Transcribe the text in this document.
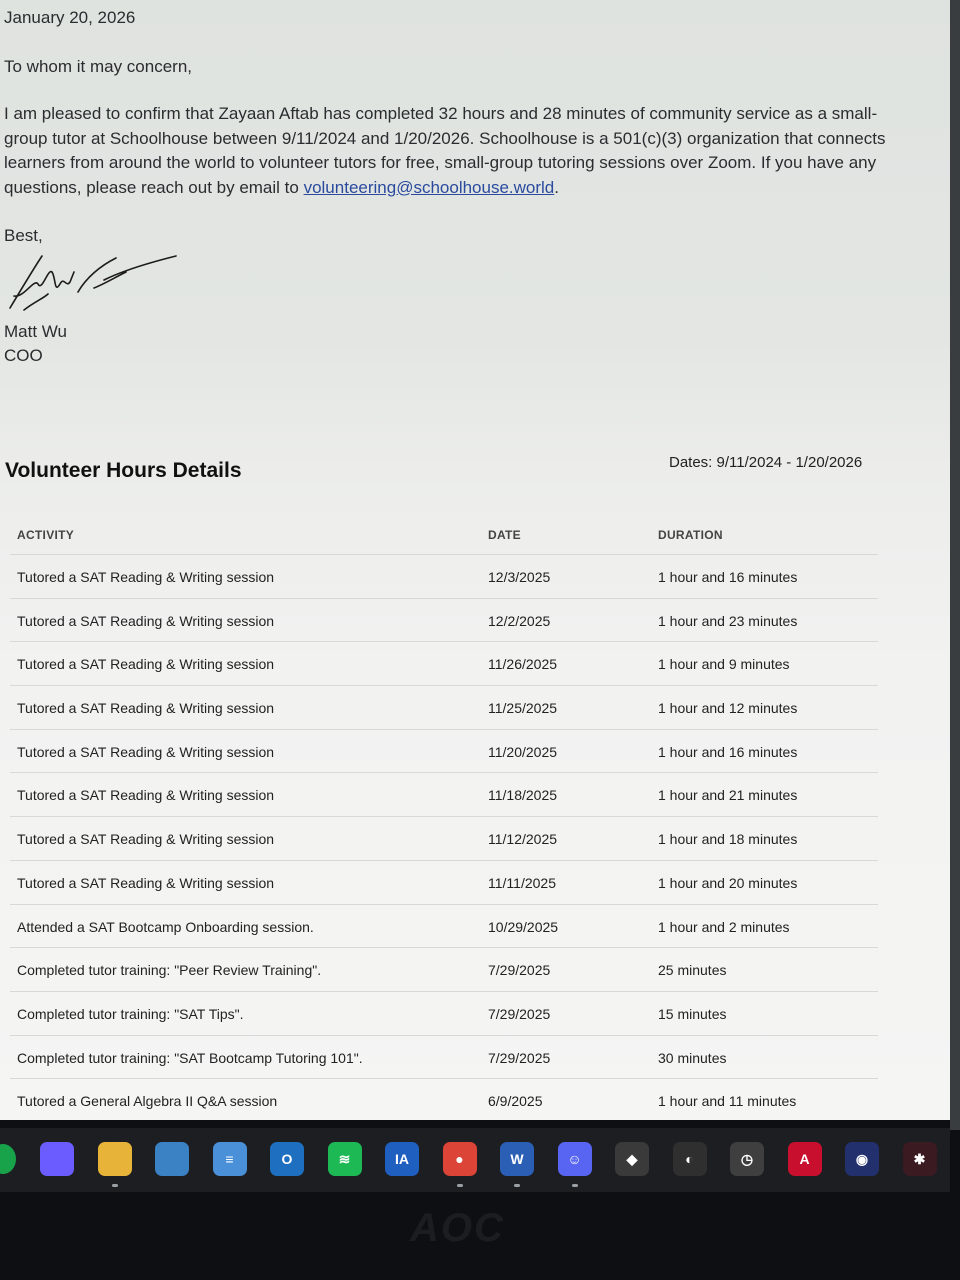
January 20, 2026
To whom it may concern,
I am pleased to confirm that Zayaan Aftab has completed 32 hours and 28 minutes of community service as a small-group tutor at Schoolhouse between 9/11/2024 and 1/20/2026. Schoolhouse is a 501(c)(3) organization that connects learners from around the world to volunteer tutors for free, small-group tutoring sessions over Zoom. If you have any questions, please reach out by email to volunteering@schoolhouse.world.
Best,
Matt Wu
COO
Volunteer Hours Details	Dates: 9/11/2024 - 1/20/2026
ACTIVITY	DATE	DURATION
Tutored a SAT Reading & Writing session	12/3/2025	1 hour and 16 minutes
Tutored a SAT Reading & Writing session	12/2/2025	1 hour and 23 minutes
Tutored a SAT Reading & Writing session	11/26/2025	1 hour and 9 minutes
Tutored a SAT Reading & Writing session	11/25/2025	1 hour and 12 minutes
Tutored a SAT Reading & Writing session	11/20/2025	1 hour and 16 minutes
Tutored a SAT Reading & Writing session	11/18/2025	1 hour and 21 minutes
Tutored a SAT Reading & Writing session	11/12/2025	1 hour and 18 minutes
Tutored a SAT Reading & Writing session	11/11/2025	1 hour and 20 minutes
Attended a SAT Bootcamp Onboarding session.	10/29/2025	1 hour and 2 minutes
Completed tutor training: "Peer Review Training".	7/29/2025	25 minutes
Completed tutor training: "SAT Tips".	7/29/2025	15 minutes
Completed tutor training: "SAT Bootcamp Tutoring 101".	7/29/2025	30 minutes
Tutored a General Algebra II Q&A session	6/9/2025	1 hour and 11 minutes
≡	O	≋	IA	●	W	☺	◆	◐	◷	A	◉	✱
AOC
